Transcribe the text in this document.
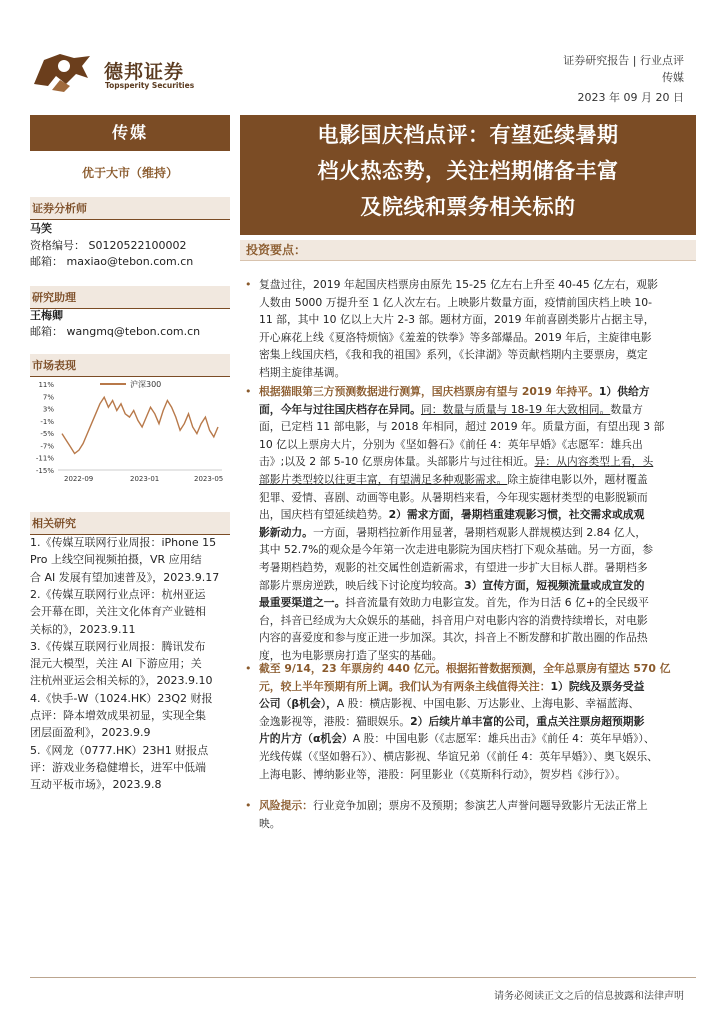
德邦证券
Topsperity Securities
证券研究报告 | 行业点评
传媒
2023 年 09 月 20 日
传媒
优于大市（维持）
证券分析师
马笑
资格编号： S0120522100002
邮箱： maxiao@tebon.com.cn
研究助理
王梅卿
邮箱： wangmq@tebon.com.cn
市场表现
沪深300
11%
7%
3%
-1%
-5%
-7%
-11%
-15%
2022-09	2023-01	2023-05
相关研究
1.《传媒互联网行业周报：iPhone 15
Pro 上线空间视频拍摄，VR 应用结
合 AI 发展有望加速普及》，2023.9.17
2.《传媒互联网行业点评：杭州亚运
会开幕在即，关注文化体育产业链相
关标的》，2023.9.11
3.《传媒互联网行业周报：腾讯发布
混元大模型，关注 AI 下游应用；关
注杭州亚运会相关标的》，2023.9.10
4.《快手-W（1024.HK）23Q2 财报
点评：降本增效成果初显，实现全集
团层面盈利》，2023.9.9
5.《网龙（0777.HK）23H1 财报点
评：游戏业务稳健增长，进军中低端
互动平板市场》，2023.9.8
电影国庆档点评：有望延续暑期
档火热态势，关注档期储备丰富
及院线和票务相关标的
投资要点：
• 复盘过往，2019 年起国庆档票房由原先 15-25 亿左右上升至 40-45 亿左右，观影
人数由 5000 万提升至 1 亿人次左右。上映影片数量方面，疫情前国庆档上映 10-
11 部，其中 10 亿以上大片 2-3 部。题材方面，2019 年前喜剧类影片占据主导，
开心麻花上线《夏洛特烦恼》《羞羞的铁拳》等多部爆品。2019 年后，主旋律电影
密集上线国庆档，《我和我的祖国》系列，《长津湖》等贡献档期内主要票房，奠定
档期主旋律基调。
• 根据猫眼第三方预测数据进行测算，国庆档票房有望与 2019 年持平。1）供给方
面，今年与过往国庆档存在异同。同：数量与质量与 18-19 年大致相同。数量方
面，已定档 11 部电影，与 2018 年相同，超过 2019 年。质量方面，有望出现 3 部
10 亿以上票房大片，分别为《坚如磐石》《前任 4：英年早婚》《志愿军：雄兵出
击》;以及 2 部 5-10 亿票房体量。头部影片与过往相近。异：从内容类型上看，头
部影片类型较以往更丰富，有望满足多种观影需求。除主旋律电影以外，题材覆盖
犯罪、爱情、喜剧、动画等电影。从暑期档来看，今年现实题材类型的电影脱颖而
出，国庆档有望延续趋势。2）需求方面，暑期档重建观影习惯，社交需求或成观
影新动力。一方面，暑期档拉新作用显著，暑期档观影人群规模达到 2.84 亿人，
其中 52.7%的观众是今年第一次走进电影院为国庆档打下观众基础。另一方面，参
考暑期档趋势，观影的社交属性创造新需求，有望进一步扩大目标人群。暑期档多
部影片票房逆跌，映后线下讨论度均较高。3）宣传方面，短视频流量或成宣发的
最重要渠道之一。抖音流量有效助力电影宣发。首先，作为日活 6 亿+的全民级平
台，抖音已经成为大众娱乐的基础，抖音用户对电影内容的消费持续增长，对电影
内容的喜爱度和参与度正进一步加深。其次，抖音上不断发酵和扩散出圈的作品热
度，也为电影票房打造了坚实的基础。
• 截至 9/14，23 年票房约 440 亿元。根据拓普数据预测，全年总票房有望达 570 亿
元，较上半年预期有所上调。我们认为有两条主线值得关注：1）院线及票务受益
公司（β机会），A 股：横店影视、中国电影、万达影业、上海电影、幸福蓝海、
金逸影视等，港股：猫眼娱乐。2）后续片单丰富的公司，重点关注票房超预期影
片的片方（α机会）A 股：中国电影（《志愿军：雄兵出击》《前任 4：英年早婚》）、
光线传媒（《坚如磐石》）、横店影视、华谊兄弟（《前任 4：英年早婚》）、奥飞娱乐、
上海电影、博纳影业等，港股：阿里影业（《莫斯科行动》，贺岁档《涉行》）。
• 风险提示：行业竞争加剧；票房不及预期；参演艺人声誉问题导致影片无法正常上
映。
请务必阅读正文之后的信息披露和法律声明
